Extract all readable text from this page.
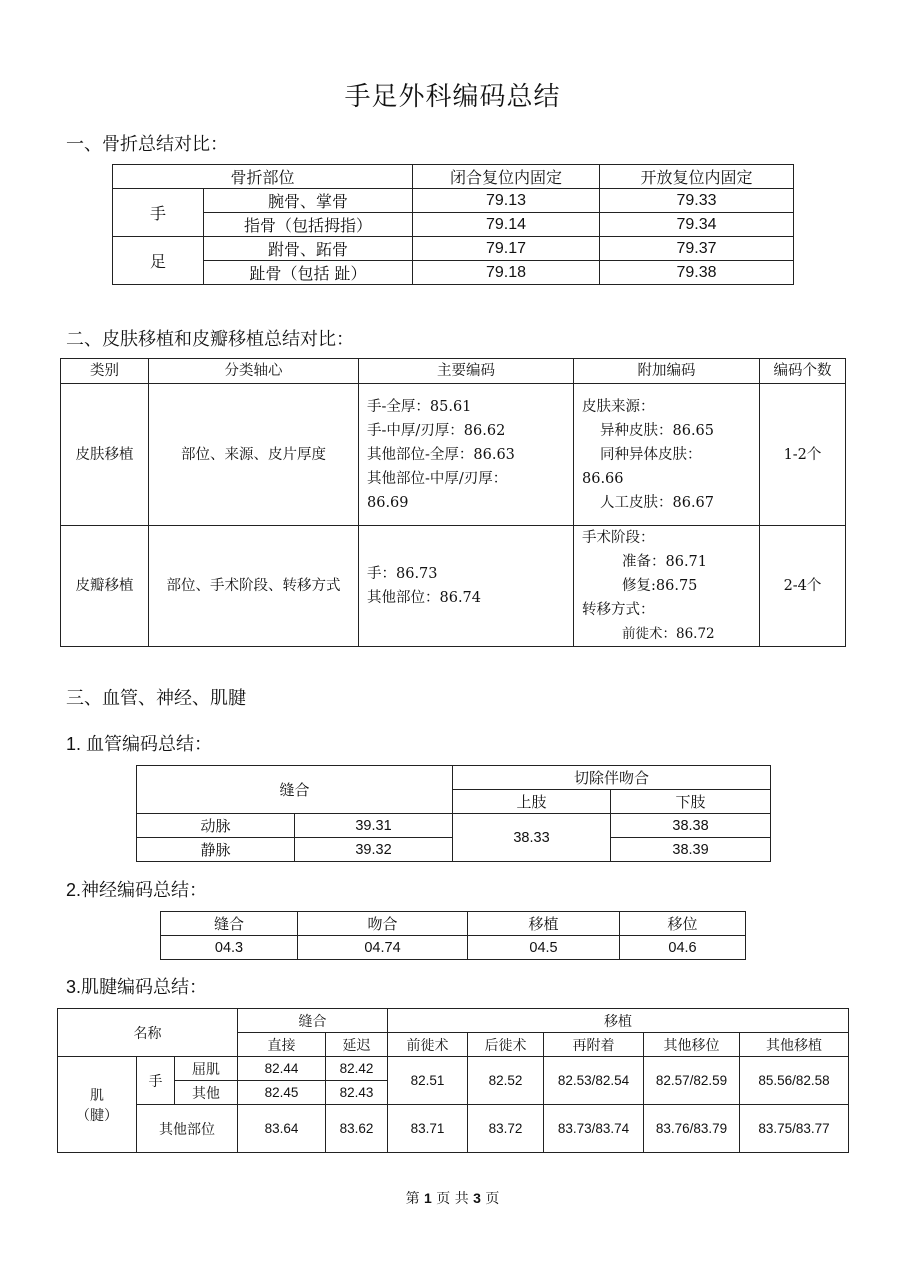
手足外科编码总结

一、骨折总结对比：

骨折部位		闭合复位内固定	开放复位内固定
手	腕骨、掌骨	79.13	79.33
	指骨（包括拇指）	79.14	79.34
足	跗骨、跖骨	79.17	79.37
	趾骨（包括 趾）	79.18	79.38

二、皮肤移植和皮瓣移植总结对比：

类别	分类轴心	主要编码	附加编码	编码个数
皮肤移植	部位、来源、皮片厚度	手-全厚：85.61
手-中厚/刃厚：86.62
其他部位-全厚：86.63
其他部位-中厚/刃厚：
86.69	皮肤来源：
异种皮肤：86.65
同种异体皮肤：
86.66
人工皮肤：86.67	1-2个
皮瓣移植	部位、手术阶段、转移方式	手：86.73
其他部位：86.74	手术阶段：
准备：86.71
修复:86.75
转移方式：
前徙术：86.72	2-4个

三、血管、神经、肌腱

1. 血管编码总结：

缝合		切除伴吻合	
		上肢	下肢
动脉	39.31	38.33	38.38
静脉	39.32		38.39

2.神经编码总结：

缝合	吻合	移植	移位
04.3	04.74	04.5	04.6

3.肌腱编码总结：

名称			缝合		移植				
			直接	延迟	前徙术	后徙术	再附着	其他移位	其他移植

肌
（腱）	手	屈肌	82.44	82.42	82.51	82.52	82.53/82.54	82.57/82.59	85.56/82.58
		其他	82.45	82.43					
	其他部位		83.64	83.62	83.71	83.72	83.73/83.74	83.76/83.79	83.75/83.77
第 1 页 共 3 页
